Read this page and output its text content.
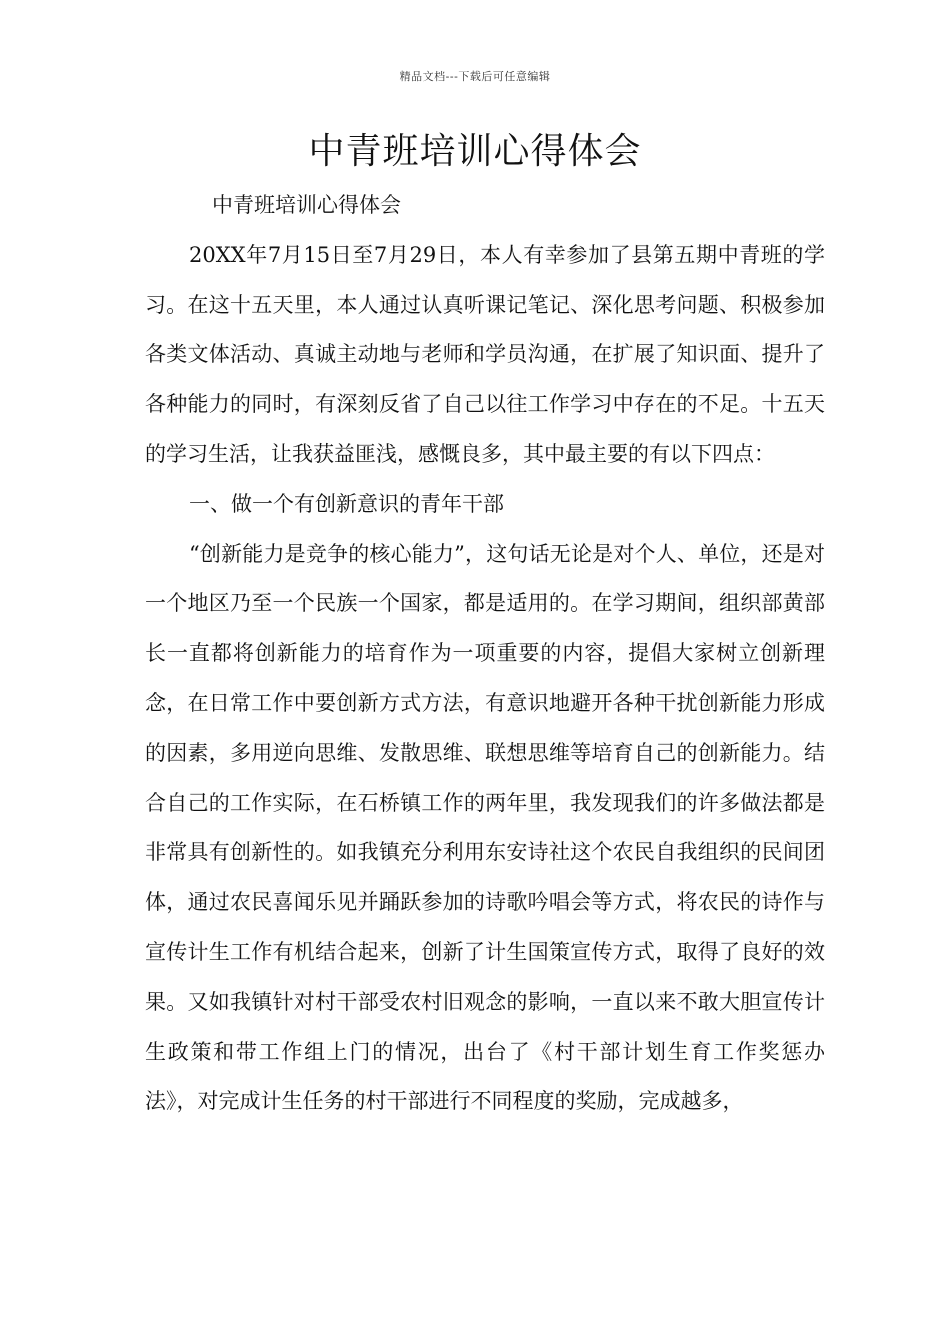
精品文档---下载后可任意编辑
中青班培训心得体会

中青班培训心得体会

20XX年7月15日至7月29日，本人有幸参加了县第五期中青班的学习。在这十五天里，本人通过认真听课记笔记、深化思考问题、积极参加各类文体活动、真诚主动地与老师和学员沟通，在扩展了知识面、提升了各种能力的同时，有深刻反省了自己以往工作学习中存在的不足。十五天的学习生活，让我获益匪浅，感慨良多，其中最主要的有以下四点：

一、做一个有创新意识的青年干部

“创新能力是竞争的核心能力”，这句话无论是对个人、单位，还是对一个地区乃至一个民族一个国家，都是适用的。在学习期间，组织部黄部长一直都将创新能力的培育作为一项重要的内容，提倡大家树立创新理念，在日常工作中要创新方式方法，有意识地避开各种干扰创新能力形成的因素，多用逆向思维、发散思维、联想思维等培育自己的创新能力。结合自己的工作实际，在石桥镇工作的两年里，我发现我们的许多做法都是非常具有创新性的。如我镇充分利用东安诗社这个农民自我组织的民间团体，通过农民喜闻乐见并踊跃参加的诗歌吟唱会等方式，将农民的诗作与宣传计生工作有机结合起来，创新了计生国策宣传方式，取得了良好的效果。又如我镇针对村干部受农村旧观念的影响，一直以来不敢大胆宣传计生政策和带工作组上门的情况，出台了《村干部计划生育工作奖惩办法》，对完成计生任务的村干部进行不同程度的奖励，完成越多，
